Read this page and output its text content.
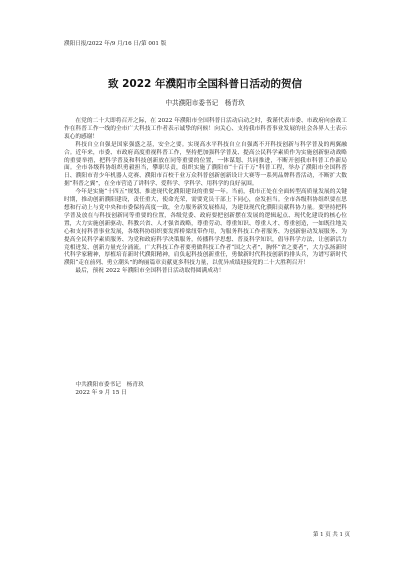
濮阳日报/2022 年/9 月/16 日/第 001 版
致 2022 年濮阳市全国科普日活动的贺信
中共濮阳市委书记　杨青玖

在党的二十大即将召开之际，在 2022 年濮阳市全国科普日活动启动之时，我谨代表市委、市政府向奋战工作在科普工作一线的全市广大科技工作者表示诚挚的问候！向关心、支持我市科普事业发展的社会各界人士表示衷心的感谢！

科技自立自强是国家强盛之基，安全之要。实现高水平科技自立自强离不开科技创新与科学普及的两翼融合。近年来，市委、市政府高度重视科普工作，坚持把加强科学普及、提高公民科学素质作为实施创新驱动战略的重要举措，把科学普及和科技创新放在同等重要的位置，一体谋划、共同推进，不断开创我市科普工作新局面。全市各级科协组织勇毅担当，攀职尽责，组织实施了濮阳市“十百千万”科普工程，举办了濮阳市全国科普日、濮阳市青少年机器人竞赛、濮阳市百校千业万众科普创新创新设计大赛等一系列品牌科普活动，不断扩大数据“科普之翼”，在全市营造了讲科学、爱科学、学科学、用科学的良好氛围。

今年是实施“十四五”规划、推进现代化濮阳建设的重要一年。当前，我市正处在全面转型高质量发展的关键时期，推动创新濮阳建设，责任重大，使命光荣，需要党员干部上下同心，奋发担当。全市各级科协组织要在思想和行动上与党中央和市委保持高度一致，全力服务新发展格局，为建设现代化濮阳贡献科协力量。要坚持把科学普及放在与科技创新同等重要的位置，各级党委、政府要把创新摆在发展的逻辑起点、现代化建设的核心位置，大力实施创新驱动、科教兴省、人才强省战略，尊重劳动、尊重知识、尊重人才、尊重创造，一如既往地关心和支持科普事业发展，各级科协组织要发挥桥梁纽带作用，为服务科技工作者服务、为创新驱动发展服务、为提高全民科学素质服务、为党和政府科学决策服务，传播科学思想、普及科学知识，倡导科学方法，让创新活力竞相迸发、创新力量充分涌流。广大科技工作者要勇做科技工作者“国之大者”，胸怀“省之要者”，大力弘扬新时代科学家精神，厚植培育新时代濮阳精神，肩负起科技创新重任，勇做新时代科技创新的排头兵，为谱写新时代濮阳“走在前列、勇立潮头”的绚丽篇章贡献更多科技力量，以优异成绩迎接党的二十大胜利召开！

最后，预祝 2022 年濮阳市全国科普日活动取得圆满成功！

中共濮阳市委书记　杨青玖
2022 年 9 月 15 日
第 1 页 共 1 页
